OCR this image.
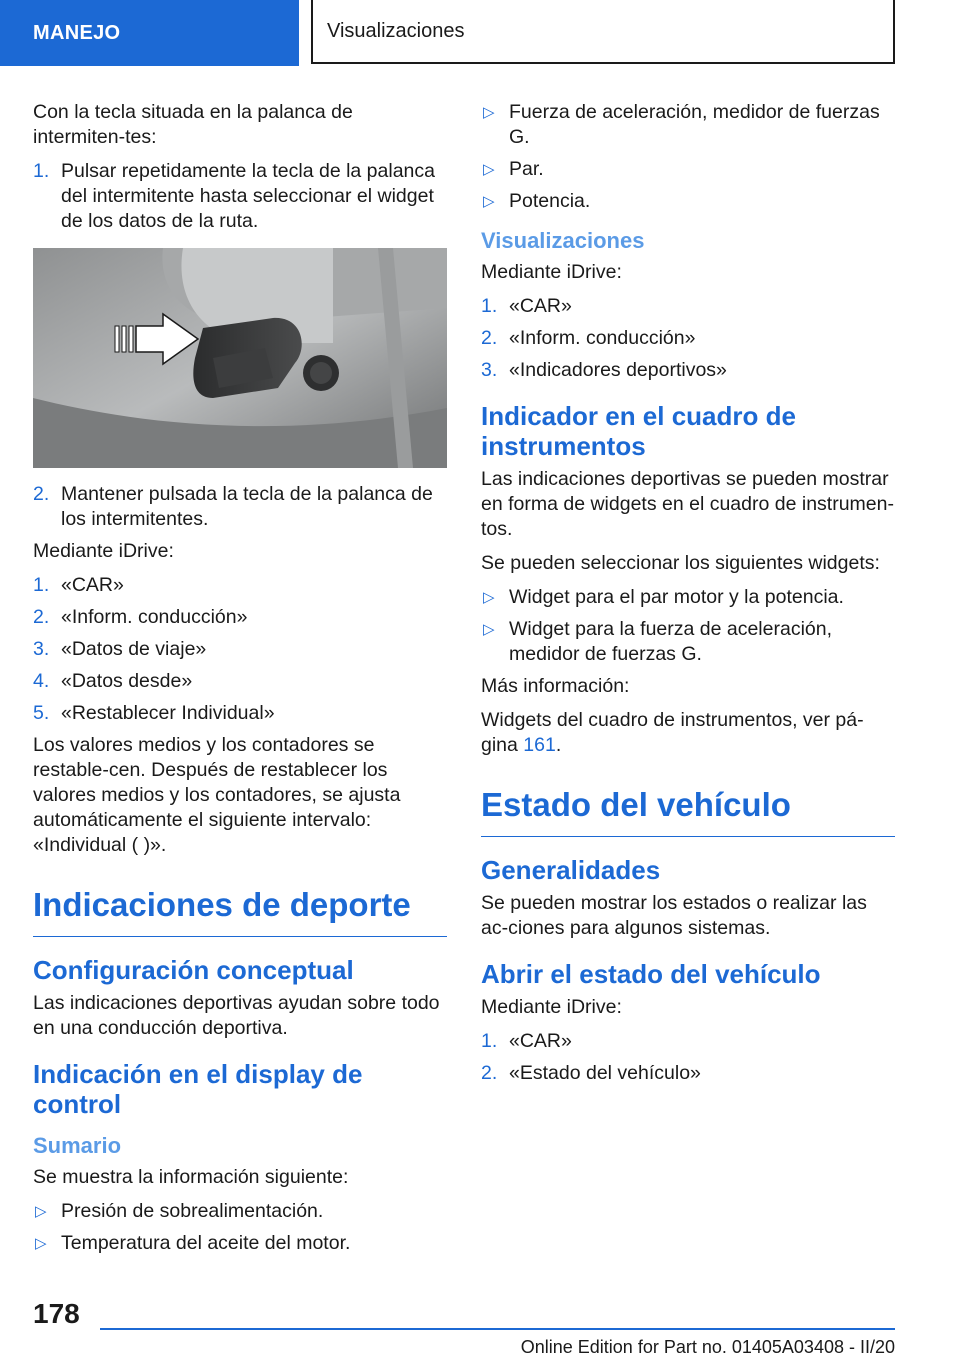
MANEJO	Visualizaciones

Con la tecla situada en la palanca de intermiten‐tes:

1. Pulsar repetidamente la tecla de la palanca del intermitente hasta seleccionar el widget de los datos de la ruta.
2. Mantener pulsada la tecla de la palanca de los intermitentes.

Mediante iDrive:

1. «CAR»
2. «Inform. conducción»
3. «Datos de viaje»
4. «Datos desde»
5. «Restablecer Individual»

Los valores medios y los contadores se restable‐cen. Después de restablecer los valores medios y los contadores, se ajusta automáticamente el siguiente intervalo: «Individual ( )».

Indicaciones de deporte
Configuración conceptual

Las indicaciones deportivas ayudan sobre todo en una conducción deportiva.

Indicación en el display de control
Sumario

Se muestra la información siguiente:

▷ Presión de sobrealimentación.
▷ Temperatura del aceite del motor.
▷ Fuerza de aceleración, medidor de fuerzas G.
▷ Par.
▷ Potencia.
Visualizaciones

Mediante iDrive:

1. «CAR»
2. «Inform. conducción»
3. «Indicadores deportivos»
Indicador en el cuadro de instrumentos

Las indicaciones deportivas se pueden mostrar en forma de widgets en el cuadro de instrumen‐tos.

Se pueden seleccionar los siguientes widgets:

▷ Widget para el par motor y la potencia.
▷ Widget para la fuerza de aceleración, medidor de fuerzas G.

Más información:

Widgets del cuadro de instrumentos, ver pá‐gina 161.

Estado del vehículo
Generalidades

Se pueden mostrar los estados o realizar las ac‐ciones para algunos sistemas.

Abrir el estado del vehículo

Mediante iDrive:

1. «CAR»
2. «Estado del vehículo»
178
Online Edition for Part no. 01405A03408 - II/20
